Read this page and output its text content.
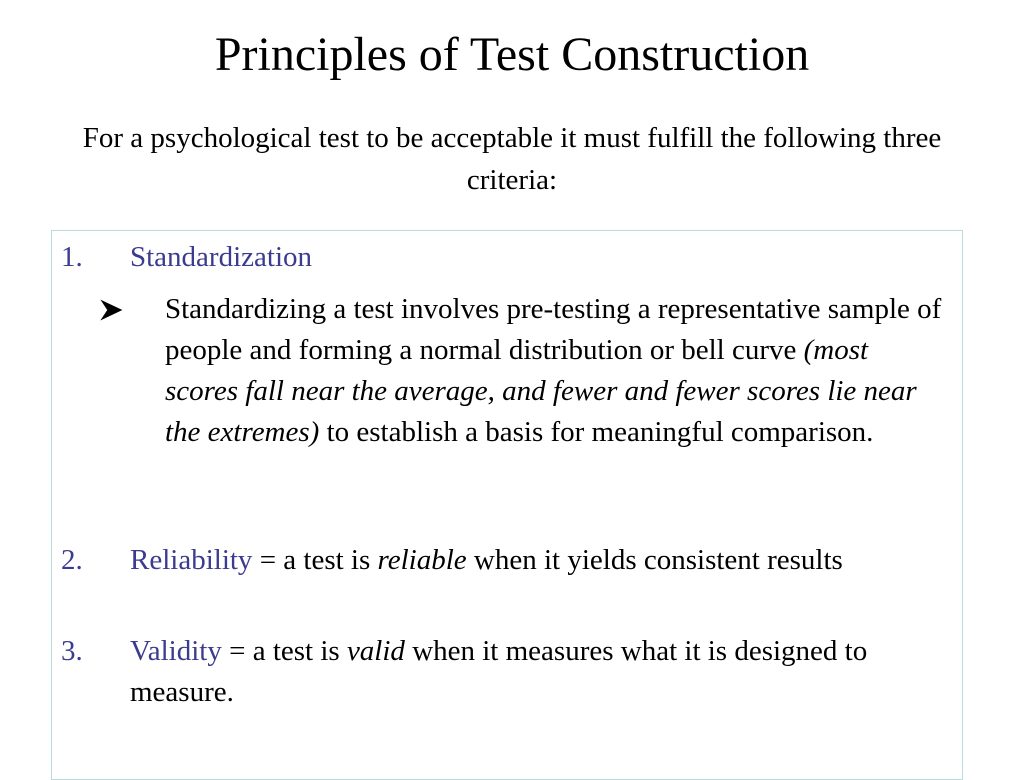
Principles of Test Construction

For a psychological test to be acceptable it must fulfill the following three criteria:

1. Standardization
Standardizing a test involves pre-testing a representative sample of people and forming a normal distribution or bell curve (most scores fall near the average, and fewer and fewer scores lie near the extremes) to establish a basis for meaningful comparison.
2. Reliability = a test is reliable when it yields consistent results
3. Validity = a test is valid when it measures what it is designed to measure.
